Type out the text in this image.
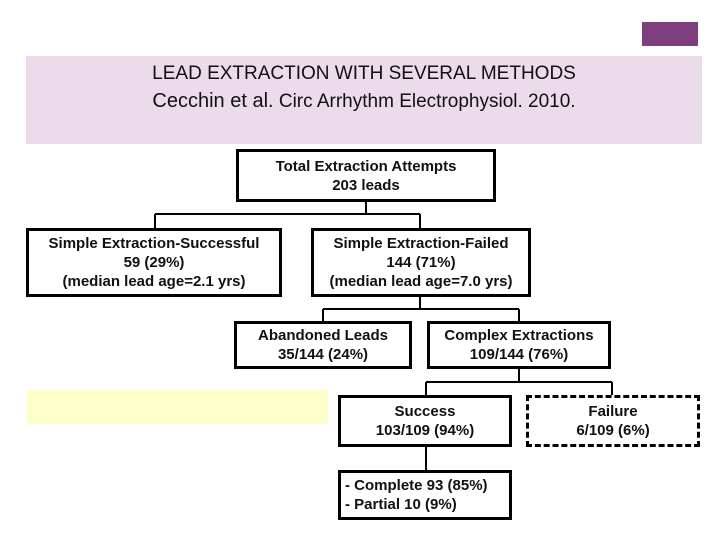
LEAD EXTRACTION WITH SEVERAL METHODS
Cecchin et al. Circ Arrhythm Electrophysiol. 2010.
Total Extraction Attempts
203 leads
Simple Extraction-Successful
59 (29%)
(median lead age=2.1 yrs)
Simple Extraction-Failed
144 (71%)
(median lead age=7.0 yrs)
Abandoned Leads
35/144 (24%)
Complex Extractions
109/144 (76%)
Success
103/109 (94%)
Failure
6/109 (6%)
- Complete 93 (85%)
- Partial 10 (9%)
